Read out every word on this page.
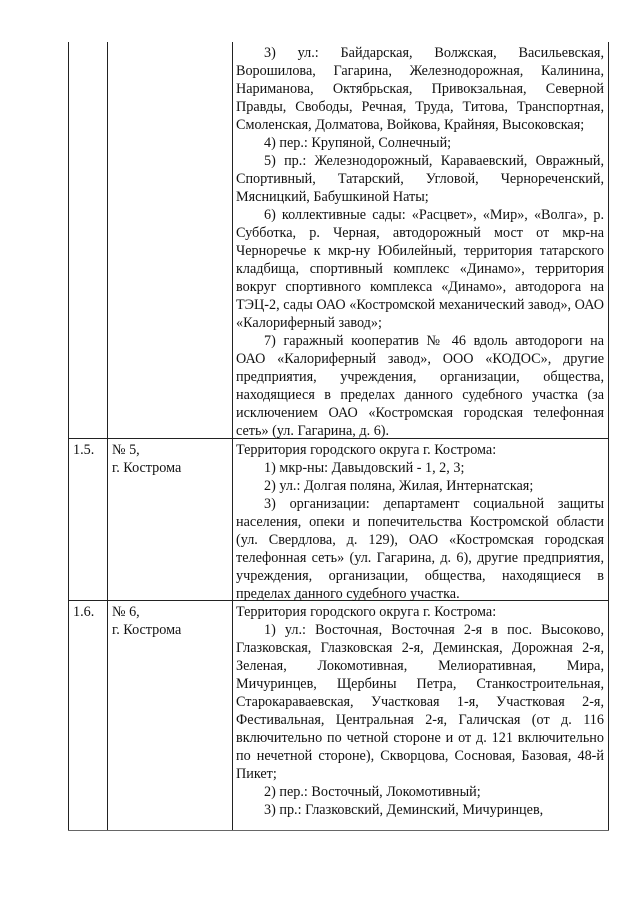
3) ул.: Байдарская, Волжская, Васильевская, Ворошилова, Гагарина, Железнодорожная, Калинина, Наримановa, Октябрьская, Привокзальная, Северной Правды, Свободы, Речная, Труда, Титова, Транспортная, Смоленская, Долматова, Войкова, Крайняя, Высоковская;

4) пер.: Крупяной, Солнечный;

5) пр.: Железнодорожный, Караваевский, Овражный, Спортивный, Татарский, Угловой, Чернореченский, Мясницкий, Бабушкиной Наты;

6) коллективные сады: «Расцвет», «Мир», «Волга», р. Субботка, р. Черная, автодорожный мост от мкр-на Черноречье к мкр-ну Юбилейный, территория татарского кладбища, спортивный комплекс «Динамо», территория вокруг спортивного комплекса «Динамо», автодорога на ТЭЦ-2, сады ОАО «Костромской механический завод», ОАО «Калориферный завод»;

7) гаражный кооператив № 46 вдоль автодороги на ОАО «Калориферный завод», ООО «КОДОС», другие предприятия, учреждения, организации, общества, находящиеся в пределах данного судебного участка (за исключением ОАО «Костромская городская телефонная сеть» (ул. Гагарина, д. 6).

1.5.	№ 5,
г. Кострома

Территория городского округа г. Кострома:

1) мкр-ны: Давыдовский - 1, 2, 3;

2) ул.: Долгая поляна, Жилая, Интернатская;

3) организации: департамент социальной защиты населения, опеки и попечительства Костромской области (ул. Свердлова, д. 129), ОАО «Костромская городская телефонная сеть» (ул. Гагарина, д. 6), другие предприятия, учреждения, организации, общества, находящиеся в пределах данного судебного участка.

1.6.	№ 6,
г. Кострома

Территория городского округа г. Кострома:

1) ул.: Восточная, Восточная 2-я в пос. Высоково, Глазковская, Глазковская 2-я, Деминская, Дорожная 2-я, Зеленая, Локомотивная, Мелиоративная, Мира, Мичуринцев, Щербины Петра, Станкостроительная, Старокараваевская, Участковая 1-я, Участковая 2-я, Фестивальная, Центральная 2-я, Галичская (от д. 116 включительно по четной стороне и от д. 121 включительно по нечетной стороне), Скворцова, Сосновая, Базовая, 48-й Пикет;

2) пер.: Восточный, Локомотивный;

3) пр.: Глазковский, Деминский, Мичуринцев,
